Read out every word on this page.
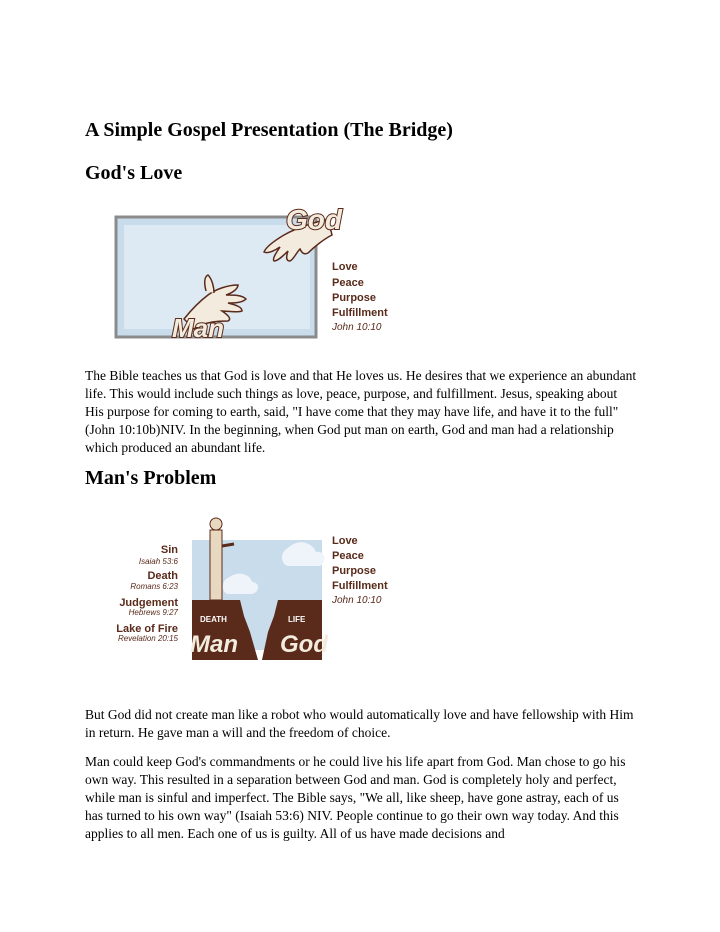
A Simple Gospel Presentation (The Bridge)
God's Love
God
Man
Love
Peace
Purpose
Fulfillment
John 10:10

The Bible teaches us that God is love and that He loves us. He desires that we experience an abundant life. This would include such things as love, peace, purpose, and fulfillment. Jesus, speaking about His purpose for coming to earth, said, "I have come that they may have life, and have it to the full" (John 10:10b)NIV. In the beginning, when God put man on earth, God and man had a relationship which produced an abundant life.

Man's Problem
Sin
Isaiah 53:6
Death
Romans 6:23
Judgement
Hebrews 9:27
Lake of Fire
Revelation 20:15
DEATH	LIFE
Man God
Love
Peace
Purpose
Fulfillment
John 10:10

But God did not create man like a robot who would automatically love and have fellowship with Him in return. He gave man a will and the freedom of choice.

Man could keep God's commandments or he could live his life apart from God. Man chose to go his own way. This resulted in a separation between God and man. God is completely holy and perfect, while man is sinful and imperfect. The Bible says, "We all, like sheep, have gone astray, each of us has turned to his own way" (Isaiah 53:6) NIV. People continue to go their own way today. And this applies to all men. Each one of us is guilty. All of us have made decisions and
